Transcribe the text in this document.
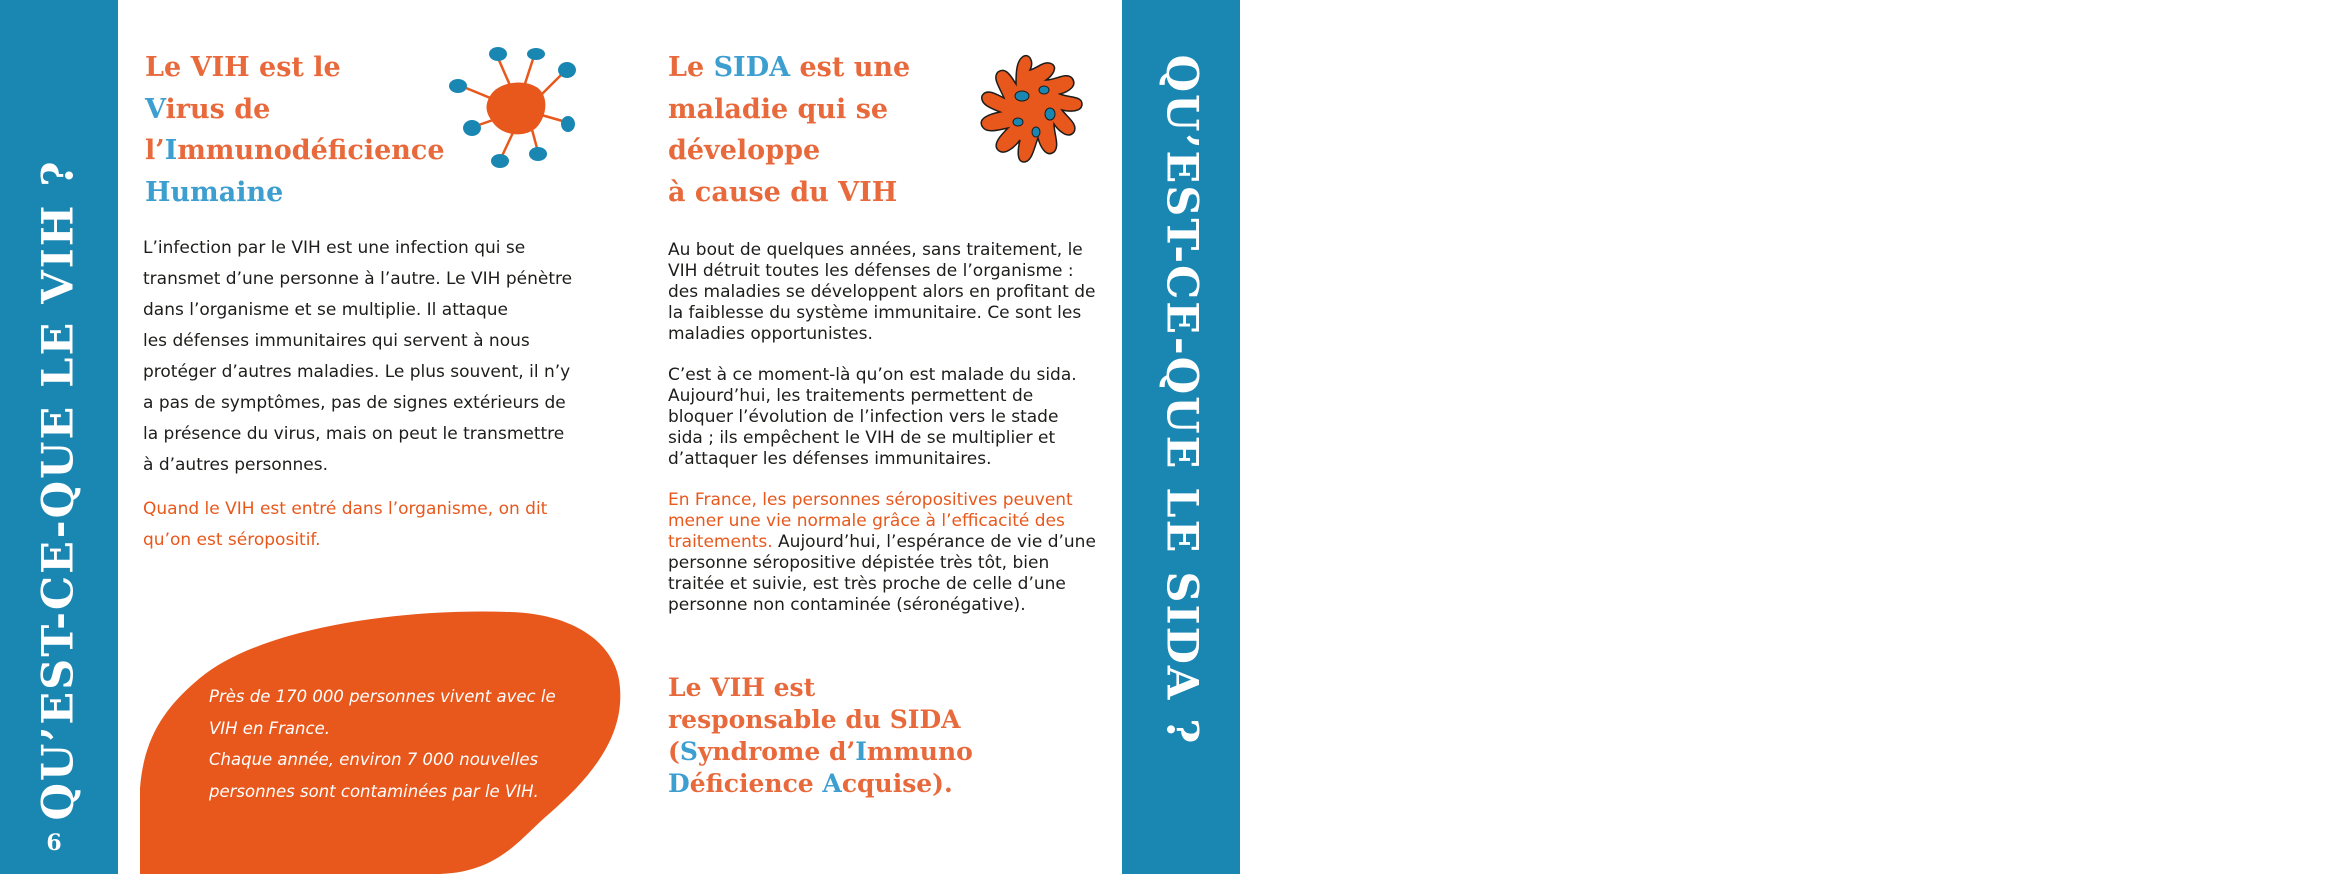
QU’EST-CE-QUE LE VIH ?
6
QU’EST-CE-QUE LE SIDA ?
7
Le VIH est le
Virus de
l’Immunodéficience
Humaine

L’infection par le VIH est une infection qui se

transmet d’une personne à l’autre. Le VIH pénètre

dans l’organisme et se multiplie. Il attaque

les défenses immunitaires qui servent à nous

protéger d’autres maladies. Le plus souvent, il n’y

a pas de symptômes, pas de signes extérieurs de

la présence du virus, mais on peut le transmettre

à d’autres personnes.

Quand le VIH est entré dans l’organisme, on dit

qu’on est séropositif.

Près de 170 000 personnes vivent avec le
VIH en France.
Chaque année, environ 7 000 nouvelles
personnes sont contaminées par le VIH.
Le SIDA est une
maladie qui se
développe
à cause du VIH
Au bout de quelques années, sans traitement, le VIH détruit toutes les défenses de l’organisme : des maladies se développent alors en profitant de la faiblesse du système immunitaire. Ce sont les maladies opportunistes.
C’est à ce moment-là qu’on est malade du sida. Aujourd’hui, les traitements permettent de bloquer l’évolution de l’infection vers le stade sida ; ils empêchent le VIH de se multiplier et d’attaquer les défenses immunitaires.
En France, les personnes séropositives peuvent mener une vie normale grâce à l’efficacité des traitements. Aujourd’hui, l’espérance de vie d’une personne séropositive dépistée très tôt, bien traitée et suivie, est très proche de celle d’une personne non contaminée (séronégative).
Le VIH est
responsable du SIDA
(Syndrome d’Immuno
Déficience Acquise).
